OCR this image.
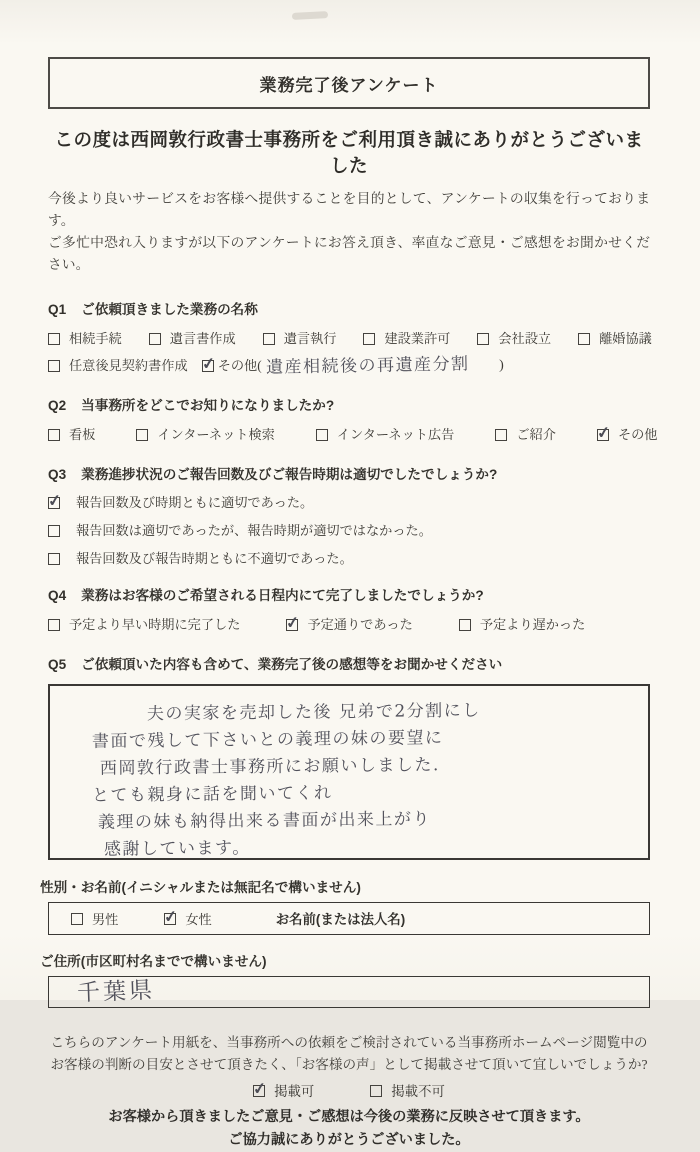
業務完了後アンケート
この度は西岡敦行政書士事務所をご利用頂き誠にありがとうございました
今後より良いサービスをお客様へ提供することを目的として、アンケートの収集を行っております。
ご多忙中恐れ入りますが以下のアンケートにお答え頂き、率直なご意見・ご感想をお聞かせください。
Q1 ご依頼頂きました業務の名称
相続手続	遺言書作成	遺言執行	建設業許可	会社設立	離婚協議
任意後見契約書作成 ✓ その他( 遺産相続後の再遺産分割 )
Q2 当事務所をどこでお知りになりましたか?
看板	インターネット検索	インターネット広告	ご紹介 ✓	その他
Q3 業務進捗状況のご報告回数及びご報告時期は適切でしたでしょうか?
✓
報告回数及び時期ともに適切であった。
報告回数は適切であったが、報告時期が適切ではなかった。
報告回数及び報告時期ともに不適切であった。
Q4 業務はお客様のご希望される日程内にて完了しましたでしょうか?
予定より早い時期に完了した ✓	予定通りであった	予定より遅かった
Q5 ご依頼頂いた内容も含めて、業務完了後の感想等をお聞かせください
夫の実家を売却した後 兄弟で2分割にし
書面で残して下さいとの義理の妹の要望に
西岡敦行政書士事務所にお願いしました.
とても親身に話を聞いてくれ
義理の妹も納得出来る書面が出来上がり
感謝しています。
性別・お名前(イニシャルまたは無記名で構いません)
男性 ✓	女性	お名前(または法人名)
ご住所(市区町村名までで構いません)
千葉県
こちらのアンケート用紙を、当事務所への依頼をご検討されている当事務所ホームページ閲覧中の
お客様の判断の目安とさせて頂きたく、「お客様の声」として掲載させて頂いて宜しいでしょうか?
✓
掲載可	掲載不可
お客様から頂きましたご意見・ご感想は今後の業務に反映させて頂きます。
ご協力誠にありがとうございました。
